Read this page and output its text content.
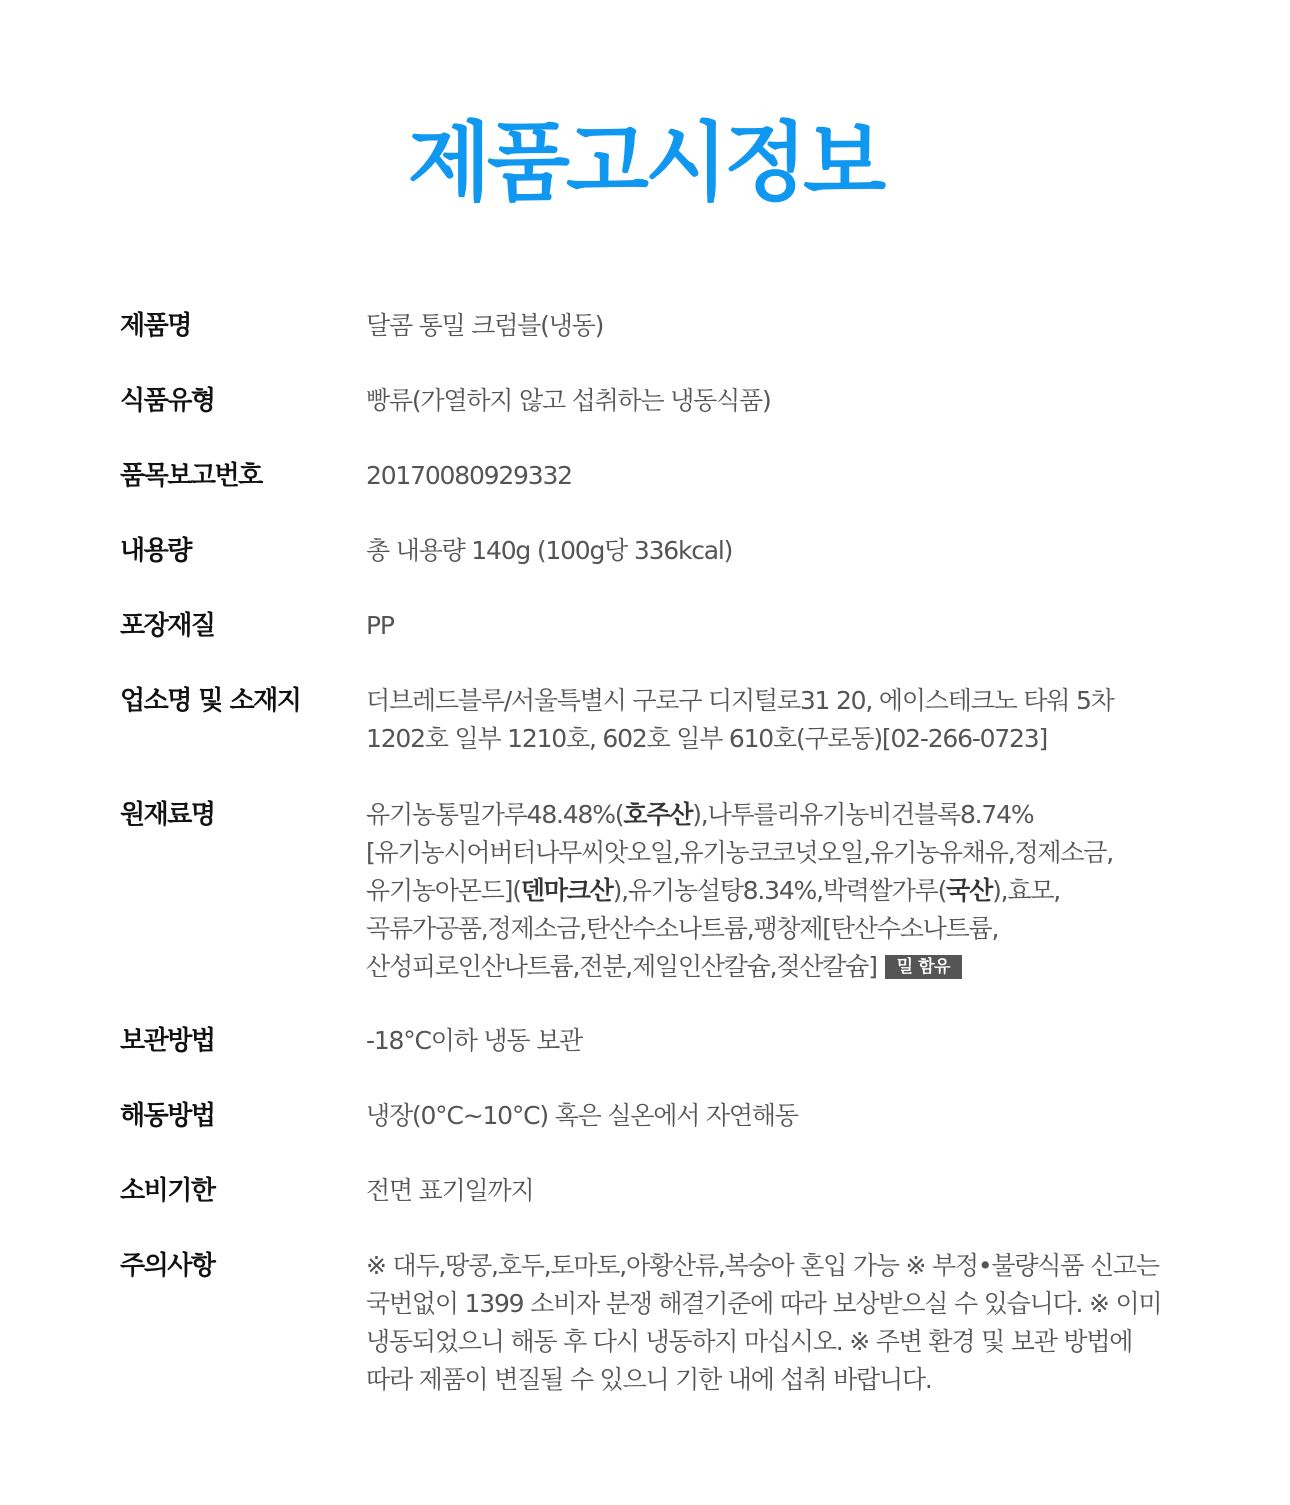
제품고시정보
제품명	달콤 통밀 크럼블(냉동)
식품유형	빵류(가열하지 않고 섭취하는 냉동식품)
품목보고번호	20170080929332
내용량	총 내용량 140g (100g당 336kcal)
포장재질	PP
업소명 및 소재지	더브레드블루/서울특별시 구로구 디지털로31 20, 에이스테크노 타워 5차 1202호 일부 1210호, 602호 일부 610호(구로동)[02-266-0723]
원재료명	유기농통밀가루48.48%(호주산),나투를리유기농비건블록8.74%[유기농시어버터나무씨앗오일,유기농코코넛오일,유기농유채유,정제소금,유기농아몬드](덴마크산),유기농설탕8.34%,박력쌀가루(국산),효모,곡류가공품,정제소금,탄산수소나트륨,팽창제[탄산수소나트륨,산성피로인산나트륨,전분,제일인산칼슘,젖산칼슘] 밀 함유
보관방법	-18°C이하 냉동 보관
해동방법	냉장(0°C~10°C) 혹은 실온에서 자연해동
소비기한	전면 표기일까지
주의사항	※ 대두,땅콩,호두,토마토,아황산류,복숭아 혼입 가능 ※ 부정•불량식품 신고는 국번없이 1399 소비자 분쟁 해결기준에 따라 보상받으실 수 있습니다. ※ 이미 냉동되었으니 해동 후 다시 냉동하지 마십시오. ※ 주변 환경 및 보관 방법에 따라 제품이 변질될 수 있으니 기한 내에 섭취 바랍니다.
